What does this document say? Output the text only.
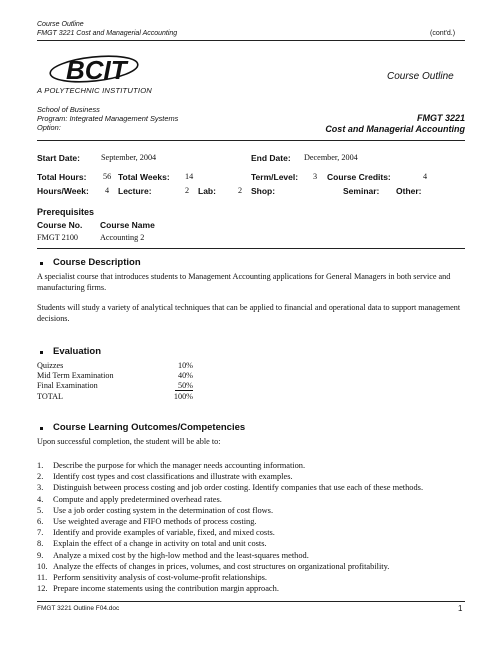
Course Outline
FMGT 3221 Cost and Managerial Accounting	(cont'd.)
BCIT
A POLYTECHNIC INSTITUTION
Course Outline
School of Business
Program: Integrated Management Systems
Option:
FMGT 3221
Cost and Managerial Accounting
Start Date:	September, 2004	End Date: December, 2004
Total Hours: 56 Total Weeks: 14	Term/Level: 3 Course Credits:	4
Hours/Week: 4 Lecture:	2 Lab:	2 Shop:	Seminar: Other:
Prerequisites
Course No. Course Name
FMGT 2100	Accounting 2
Course Description
A specialist course that introduces students to Management Accounting applications for General Managers in both service and manufacturing firms.
Students will study a variety of analytical techniques that can be applied to financial and operational data to support management decisions.
Evaluation
Quizzes	10%
Mid Term Examination	40%
Final Examination	50%
TOTAL	100%
Course Learning Outcomes/Competencies
Upon successful completion, the student will be able to:
1.	Describe the purpose for which the manager needs accounting information.
2.	Identify cost types and cost classifications and illustrate with examples.
3.	Distinguish between process costing and job order costing. Identify companies that use each of these methods.
4.	Compute and apply predetermined overhead rates.
5.	Use a job order costing system in the determination of cost flows.
6.	Use weighted average and FIFO methods of process costing.
7.	Identify and provide examples of variable, fixed, and mixed costs.
8.	Explain the effect of a change in activity on total and unit costs.
9.	Analyze a mixed cost by the high-low method and the least-squares method.
10. Analyze the effects of changes in prices, volumes, and cost structures on organizational profitability.
11. Perform sensitivity analysis of cost-volume-profit relationships.
12. Prepare income statements using the contribution margin approach.
FMGT 3221 Outline F04.doc	1
